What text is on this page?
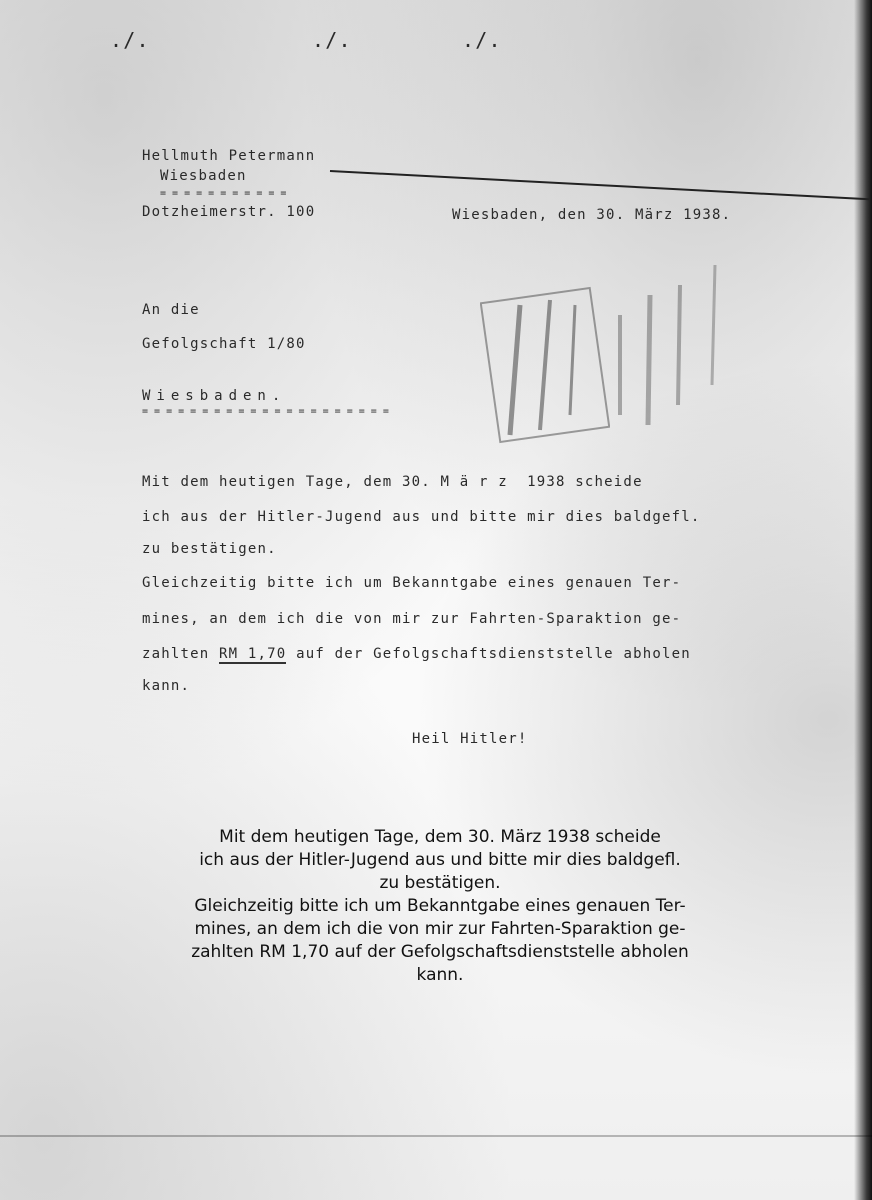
./.	./.	./.
Hellmuth Petermann
Wiesbaden
= = = = = = = = = = =
Dotzheimerstr. 100	Wiesbaden, den 30. März 1938.
An die
Gefolgschaft 1/80
Wiesbaden.
= = = = = = = = = = = = = = = = = = = = =
Mit dem heutigen Tage, dem 30. M ä r z  1938 scheide
ich aus der Hitler-Jugend aus und bitte mir dies baldgefl.
zu bestätigen.
Gleichzeitig bitte ich um Bekanntgabe eines genauen Ter-
mines, an dem ich die von mir zur Fahrten-Sparaktion ge-
zahlten RM 1,70 auf der Gefolgschaftsdienststelle abholen
kann.
Heil Hitler!
Mit dem heutigen Tage, dem 30. März 1938 scheide
ich aus der Hitler-Jugend aus und bitte mir dies baldgefl.
zu bestätigen.
Gleichzeitig bitte ich um Bekanntgabe eines genauen Ter-
mines, an dem ich die von mir zur Fahrten-Sparaktion ge-
zahlten RM 1,70 auf der Gefolgschaftsdienststelle abholen
kann.
